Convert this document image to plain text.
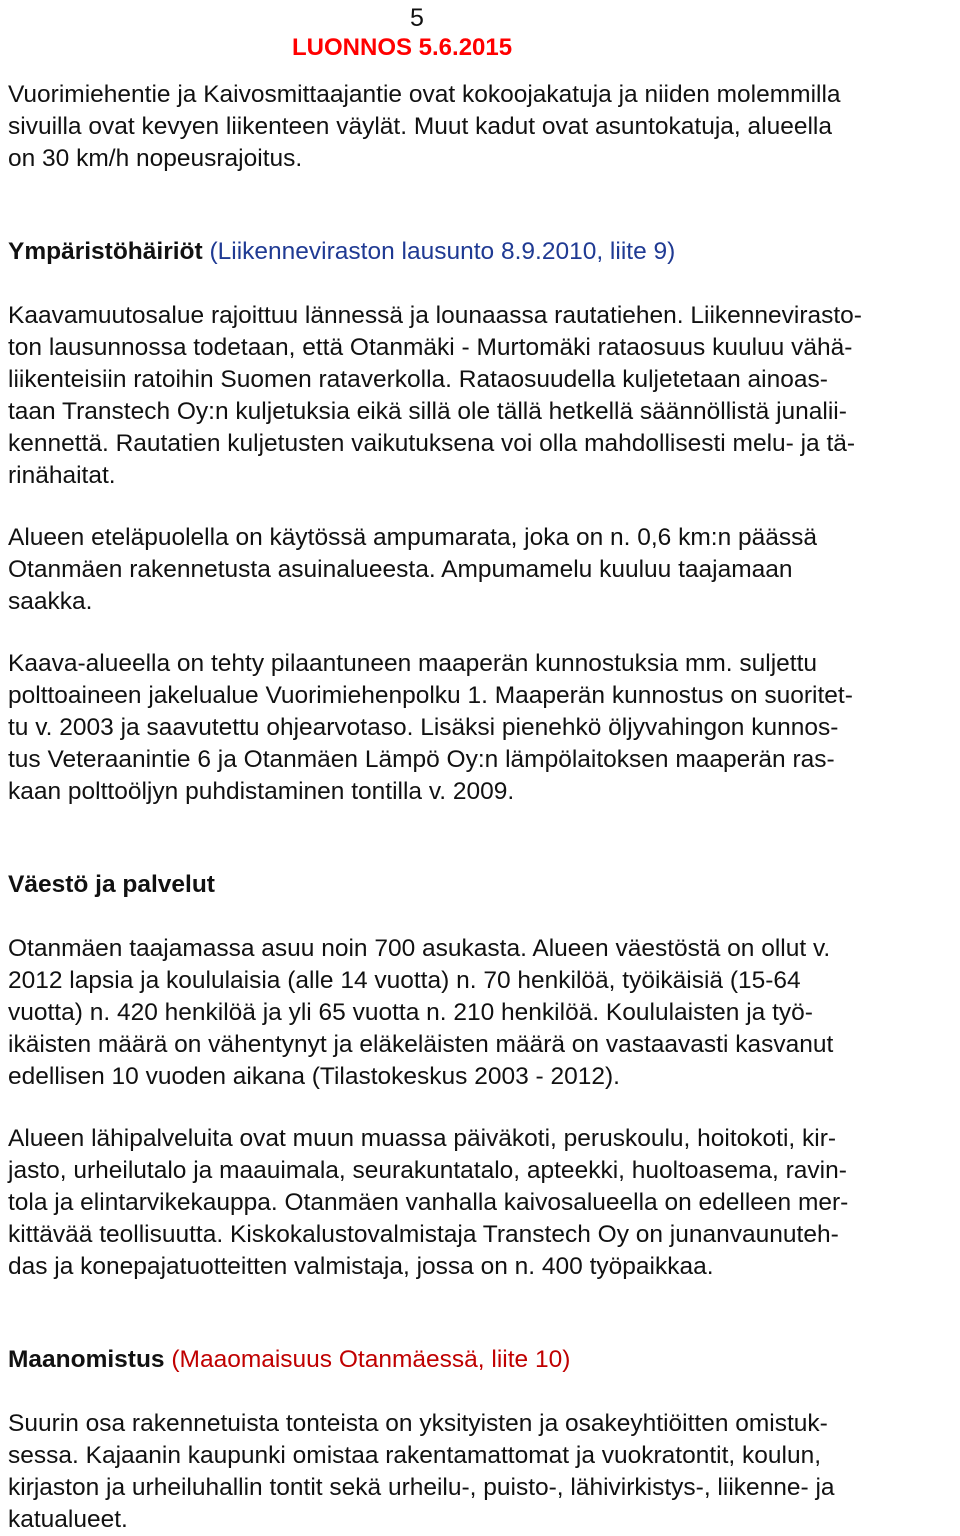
5
LUONNOS 5.6.2015
Vuorimiehentie ja Kaivosmittaajantie ovat kokoojakatuja ja niiden molemmilla
sivuilla ovat kevyen liikenteen väylät. Muut kadut ovat asuntokatuja, alueella
on 30 km/h nopeusrajoitus.
Ympäristöhäiriöt (Liikenneviraston lausunto 8.9.2010, liite 9)
Kaavamuutosalue rajoittuu lännessä ja lounaassa rautatiehen. Liikennevirasto-
ton lausunnossa todetaan, että Otanmäki - Murtomäki rataosuus kuuluu vähä-
liikenteisiin ratoihin Suomen rataverkolla. Rataosuudella kuljetetaan ainoas-
taan Transtech Oy:n kuljetuksia eikä sillä ole tällä hetkellä säännöllistä junalii-
kennettä. Rautatien kuljetusten vaikutuksena voi olla mahdollisesti melu- ja tä-
rinähaitat.
Alueen eteläpuolella on käytössä ampumarata, joka on n. 0,6 km:n päässä
Otanmäen rakennetusta asuinalueesta. Ampumamelu kuuluu taajamaan
saakka.
Kaava-alueella on tehty pilaantuneen maaperän kunnostuksia mm. suljettu
polttoaineen jakelualue Vuorimiehenpolku 1. Maaperän kunnostus on suoritet-
tu v. 2003 ja saavutettu ohjearvotaso. Lisäksi pienehkö öljyvahingon kunnos-
tus Veteraanintie 6 ja Otanmäen Lämpö Oy:n lämpölaitoksen maaperän ras-
kaan polttoöljyn puhdistaminen tontilla v. 2009.
Väestö ja palvelut
Otanmäen taajamassa asuu noin 700 asukasta. Alueen väestöstä on ollut v.
2012 lapsia ja koululaisia (alle 14 vuotta) n. 70 henkilöä, työikäisiä (15-64
vuotta) n. 420 henkilöä ja yli 65 vuotta n. 210 henkilöä. Koululaisten ja työ-
ikäisten määrä on vähentynyt ja eläkeläisten määrä on vastaavasti kasvanut
edellisen 10 vuoden aikana (Tilastokeskus 2003 - 2012).
Alueen lähipalveluita ovat muun muassa päiväkoti, peruskoulu, hoitokoti, kir-
jasto, urheilutalo ja maauimala, seurakuntatalo, apteekki, huoltoasema, ravin-
tola ja elintarvikekauppa. Otanmäen vanhalla kaivosalueella on edelleen mer-
kittävää teollisuutta. Kiskokalustovalmistaja Transtech Oy on junanvaunuteh-
das ja konepajatuotteitten valmistaja, jossa on n. 400 työpaikkaa.
Maanomistus (Maaomaisuus Otanmäessä, liite 10)
Suurin osa rakennetuista tonteista on yksityisten ja osakeyhtiöitten omistuk-
sessa. Kajaanin kaupunki omistaa rakentamattomat ja vuokratontit, koulun,
kirjaston ja urheiluhallin tontit sekä urheilu-, puisto-, lähivirkistys-, liikenne- ja
katualueet.
